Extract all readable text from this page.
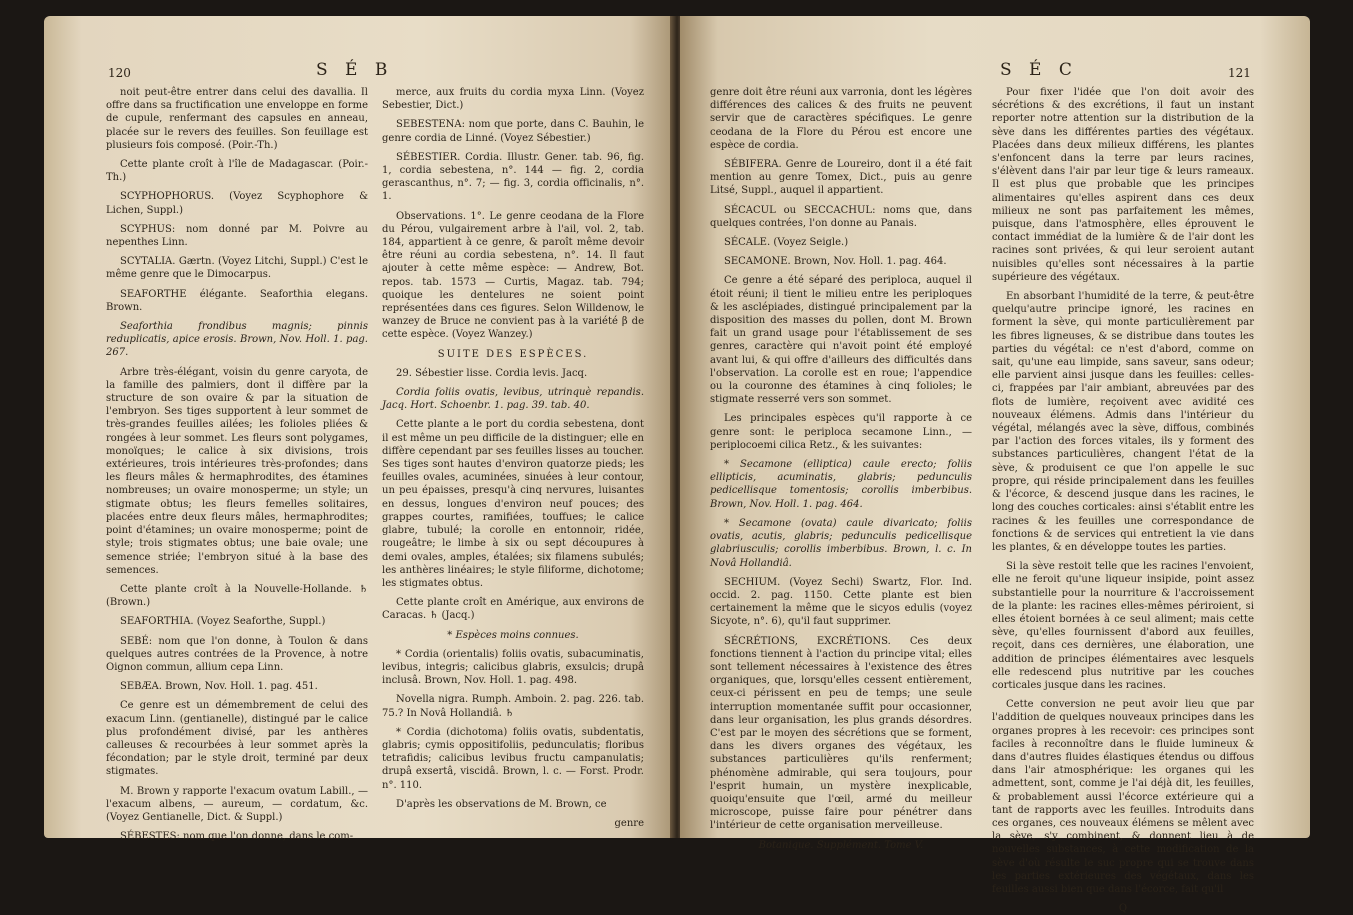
120	S É B

noit peut-être entrer dans celui des davallia. Il offre dans sa fructification une enveloppe en forme de cupule, renfermant des capsules en anneau, placée sur le revers des feuilles. Son feuillage est plusieurs fois composé. (Poir.-Th.)

Cette plante croît à l'île de Madagascar. (Poir.-Th.)

SCYPHOPHORUS. (Voyez Scyphophore & Lichen, Suppl.)

SCYPHUS: nom donné par M. Poivre au nepenthes Linn.

SCYTALIA. Gærtn. (Voyez Litchi, Suppl.) C'est le même genre que le Dimocarpus.

SEAFORTHE élégante. Seaforthia elegans. Brown.

Seaforthia frondibus magnis; pinnis reduplicatis, apice erosis. Brown, Nov. Holl. 1. pag. 267.

Arbre très-élégant, voisin du genre caryota, de la famille des palmiers, dont il diffère par la structure de son ovaire & par la situation de l'embryon. Ses tiges supportent à leur sommet de très-grandes feuilles ailées; les folioles pliées & rongées à leur sommet. Les fleurs sont polygames, monoïques; le calice à six divisions, trois extérieures, trois intérieures très-profondes; dans les fleurs mâles & hermaphrodites, des étamines nombreuses; un ovaire monosperme; un style; un stigmate obtus; les fleurs femelles solitaires, placées entre deux fleurs mâles, hermaphrodites; point d'étamines; un ovaire monosperme; point de style; trois stigmates obtus; une baie ovale; une semence striée; l'embryon situé à la base des semences.

Cette plante croît à la Nouvelle-Hollande. ♄ (Brown.)

SEAFORTHIA. (Voyez Seaforthe, Suppl.)

SEBÉ: nom que l'on donne, à Toulon & dans quelques autres contrées de la Provence, à notre Oignon commun, allium cepa Linn.

SEBÆA. Brown, Nov. Holl. 1. pag. 451.

Ce genre est un démembrement de celui des exacum Linn. (gentianelle), distingué par le calice plus profondément divisé, par les anthères calleuses & recourbées à leur sommet après la fécondation; par le style droit, terminé par deux stigmates.

M. Brown y rapporte l'exacum ovatum Labill., — l'exacum albens, — aureum, — cordatum, &c. (Voyez Gentianelle, Dict. & Suppl.)

SÉBESTES: nom que l'on donne, dans le com-

merce, aux fruits du cordia myxa Linn. (Voyez Sebestier, Dict.)

SEBESTENA: nom que porte, dans C. Bauhin, le genre cordia de Linné. (Voyez Sébestier.)

SÉBESTIER. Cordia. Illustr. Gener. tab. 96, fig. 1, cordia sebestena, n°. 144 — fig. 2, cordia gerascanthus, n°. 7; — fig. 3, cordia officinalis, n°. 1.

Observations. 1°. Le genre ceodana de la Flore du Pérou, vulgairement arbre à l'ail, vol. 2, tab. 184, appartient à ce genre, & paroît même devoir être réuni au cordia sebestena, n°. 14. Il faut ajouter à cette même espèce: — Andrew, Bot. repos. tab. 1573 — Curtis, Magaz. tab. 794; quoique les dentelures ne soient point représentées dans ces figures. Selon Willdenow, le wanzey de Bruce ne convient pas à la variété β de cette espèce. (Voyez Wanzey.)

SUITE DES ESPÈCES.

29. Sébestier lisse. Cordia levis. Jacq.

Cordia foliis ovatis, levibus, utrinquè repandis. Jacq. Hort. Schoenbr. 1. pag. 39. tab. 40.

Cette plante a le port du cordia sebestena, dont il est même un peu difficile de la distinguer; elle en diffère cependant par ses feuilles lisses au toucher. Ses tiges sont hautes d'environ quatorze pieds; les feuilles ovales, acuminées, sinuées à leur contour, un peu épaisses, presqu'à cinq nervures, luisantes en dessus, longues d'environ neuf pouces; des grappes courtes, ramifiées, touffues; le calice glabre, tubulé; la corolle en entonnoir, ridée, rougeâtre; le limbe à six ou sept découpures à demi ovales, amples, étalées; six filamens subulés; les anthères linéaires; le style filiforme, dichotome; les stigmates obtus.

Cette plante croît en Amérique, aux environs de Caracas. ♄ (Jacq.)

* Espèces moins connues.

* Cordia (orientalis) foliis ovatis, subacuminatis, levibus, integris; calicibus glabris, exsulcis; drupâ inclusâ. Brown, Nov. Holl. 1. pag. 498.

Novella nigra. Rumph. Amboin. 2. pag. 226. tab. 75.? In Novâ Hollandiâ. ♄

* Cordia (dichotoma) foliis ovatis, subdentatis, glabris; cymis oppositifoliis, pedunculatis; floribus tetrafidis; calicibus levibus fructu campanulatis; drupâ exsertâ, viscidâ. Brown, l. c. — Forst. Prodr. n°. 110.

D'après les observations de M. Brown, ce

genre

S É C	121

genre doit être réuni aux varronia, dont les légères différences des calices & des fruits ne peuvent servir que de caractères spécifiques. Le genre ceodana de la Flore du Pérou est encore une espèce de cordia.

SÉBIFERA. Genre de Loureiro, dont il a été fait mention au genre Tomex, Dict., puis au genre Litsé, Suppl., auquel il appartient.

SÉCACUL ou SECCACHUL: noms que, dans quelques contrées, l'on donne au Panais.

SÉCALE. (Voyez Seigle.)

SECAMONE. Brown, Nov. Holl. 1. pag. 464.

Ce genre a été séparé des periploca, auquel il étoit réuni; il tient le milieu entre les periploques & les asclépiades, distingué principalement par la disposition des masses du pollen, dont M. Brown fait un grand usage pour l'établissement de ses genres, caractère qui n'avoit point été employé avant lui, & qui offre d'ailleurs des difficultés dans l'observation. La corolle est en roue; l'appendice ou la couronne des étamines à cinq folioles; le stigmate resserré vers son sommet.

Les principales espèces qu'il rapporte à ce genre sont: le periploca secamone Linn., — periplocoemi cilica Retz., & les suivantes:

* Secamone (elliptica) caule erecto; foliis ellipticis, acuminatis, glabris; pedunculis pedicellisque tomentosis; corollis imberbibus. Brown, Nov. Holl. 1. pag. 464.

* Secamone (ovata) caule divaricato; foliis ovatis, acutis, glabris; pedunculis pedicellisque glabriusculis; corollis imberbibus. Brown, l. c. In Novâ Hollandiâ.

SECHIUM. (Voyez Sechi) Swartz, Flor. Ind. occid. 2. pag. 1150. Cette plante est bien certainement la même que le sicyos edulis (voyez Sicyote, n°. 6), qu'il faut supprimer.

SÉCRÉTIONS, EXCRÉTIONS. Ces deux fonctions tiennent à l'action du principe vital; elles sont tellement nécessaires à l'existence des êtres organiques, que, lorsqu'elles cessent entièrement, ceux-ci périssent en peu de temps; une seule interruption momentanée suffit pour occasionner, dans leur organisation, les plus grands désordres. C'est par le moyen des sécrétions que se forment, dans les divers organes des végétaux, les substances particulières qu'ils renferment; phénomène admirable, qui sera toujours, pour l'esprit humain, un mystère inexplicable, quoiqu'ensuite que l'œil, armé du meilleur microscope, puisse faire pour pénétrer dans l'intérieur de cette organisation merveilleuse.

Botanique. Supplément. Tome V.

Pour fixer l'idée que l'on doit avoir des sécrétions & des excrétions, il faut un instant reporter notre attention sur la distribution de la sève dans les différentes parties des végétaux. Placées dans deux milieux différens, les plantes s'enfoncent dans la terre par leurs racines, s'élèvent dans l'air par leur tige & leurs rameaux. Il est plus que probable que les principes alimentaires qu'elles aspirent dans ces deux milieux ne sont pas parfaitement les mêmes, puisque, dans l'atmosphère, elles éprouvent le contact immédiat de la lumière & de l'air dont les racines sont privées, & qui leur seroient autant nuisibles qu'elles sont nécessaires à la partie supérieure des végétaux.

En absorbant l'humidité de la terre, & peut-être quelqu'autre principe ignoré, les racines en forment la sève, qui monte particulièrement par les fibres ligneuses, & se distribue dans toutes les parties du végétal: ce n'est d'abord, comme on sait, qu'une eau limpide, sans saveur, sans odeur; elle parvient ainsi jusque dans les feuilles: celles-ci, frappées par l'air ambiant, abreuvées par des flots de lumière, reçoivent avec avidité ces nouveaux élémens. Admis dans l'intérieur du végétal, mélangés avec la sève, diffous, combinés par l'action des forces vitales, ils y forment des substances particulières, changent l'état de la sève, & produisent ce que l'on appelle le suc propre, qui réside principalement dans les feuilles & l'écorce, & descend jusque dans les racines, le long des couches corticales: ainsi s'établit entre les racines & les feuilles une correspondance de fonctions & de services qui entretient la vie dans les plantes, & en développe toutes les parties.

Si la sève restoit telle que les racines l'envoient, elle ne feroit qu'une liqueur insipide, point assez substantielle pour la nourriture & l'accroissement de la plante: les racines elles-mêmes périroient, si elles étoient bornées à ce seul aliment; mais cette sève, qu'elles fournissent d'abord aux feuilles, reçoit, dans ces dernières, une élaboration, une addition de principes élémentaires avec lesquels elle redescend plus nutritive par les couches corticales jusque dans les racines.

Cette conversion ne peut avoir lieu que par l'addition de quelques nouveaux principes dans les organes propres à les recevoir: ces principes sont faciles à reconnoître dans le fluide lumineux & dans d'autres fluides élastiques étendus ou diffous dans l'air atmosphérique: les organes qui les admettent, sont, comme je l'ai déjà dit, les feuilles, & probablement aussi l'écorce extérieure qui a tant de rapports avec les feuilles. Introduits dans ces organes, ces nouveaux élémens se mêlent avec la sève, s'y combinent, & donnent lieu à de nouvelles substances, à cette modification de la sève d'où résulte le suc propre qui se trouve dans les parties extérieures des végétaux, dans les feuilles aussi bien que dans l'écorce, fait qu'il

Q
